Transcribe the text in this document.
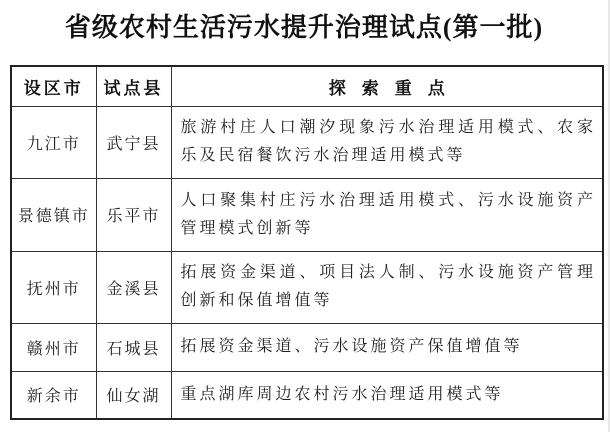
省级农村生活污水提升治理试点(第一批)
设区市	试点县	探索重点
九江市	武宁县	旅游村庄人口潮汐现象污水治理适用模式、农家乐及民宿餐饮污水治理适用模式等
景德镇市	乐平市	人口聚集村庄污水治理适用模式、污水设施资产管理模式创新等
抚州市	金溪县	拓展资金渠道、项目法人制、污水设施资产管理创新和保值增值等
赣州市	石城县	拓展资金渠道、污水设施资产保值增值等
新余市	仙女湖	重点湖库周边农村污水治理适用模式等
